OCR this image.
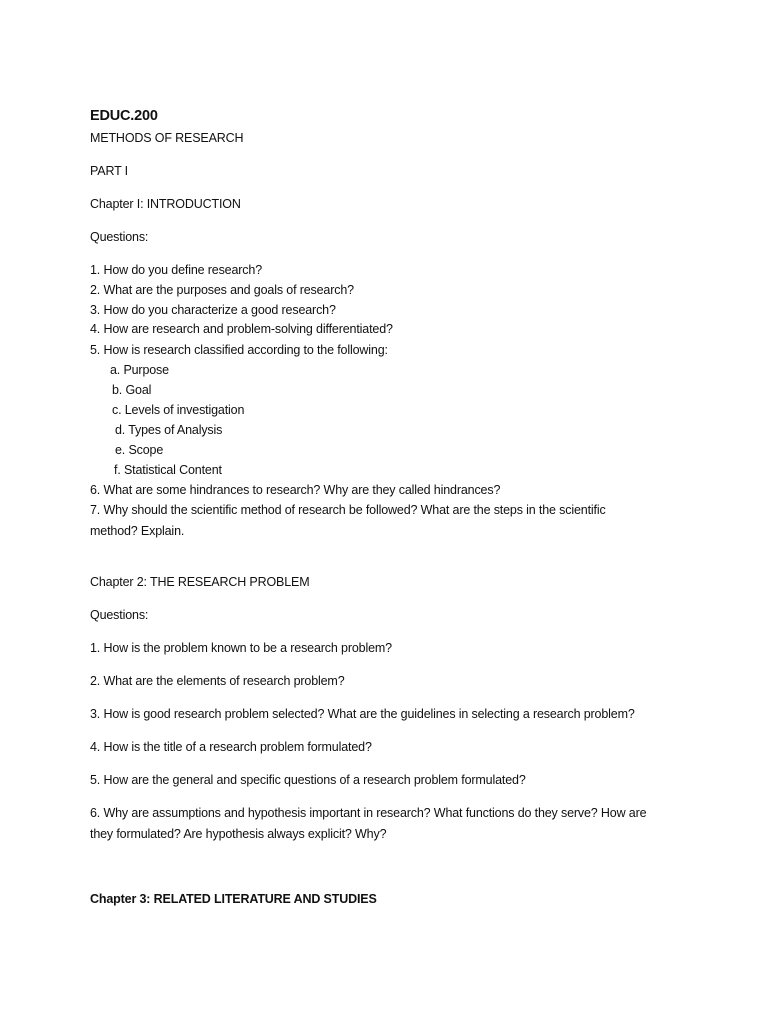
EDUC.200
METHODS OF RESEARCH
PART I
Chapter I: INTRODUCTION
Questions:
1. How do you define research?
2. What are the purposes and goals of research?
3. How do you characterize a good research?
4. How are research and problem-solving differentiated?
5. How is research classified according to the following:
a. Purpose
b. Goal
c. Levels of investigation
d. Types of Analysis
e. Scope
f. Statistical Content
6. What are some hindrances to research? Why are they called hindrances?
7. Why should the scientific method of research be followed? What are the steps in the scientific
method? Explain.
Chapter 2: THE RESEARCH PROBLEM
Questions:
1. How is the problem known to be a research problem?
2. What are the elements of research problem?
3. How is good research problem selected? What are the guidelines in selecting a research problem?
4. How is the title of a research problem formulated?
5. How are the general and specific questions of a research problem formulated?
6. Why are assumptions and hypothesis important in research? What functions do they serve? How are
they formulated? Are hypothesis always explicit? Why?
Chapter 3: RELATED LITERATURE AND STUDIES
